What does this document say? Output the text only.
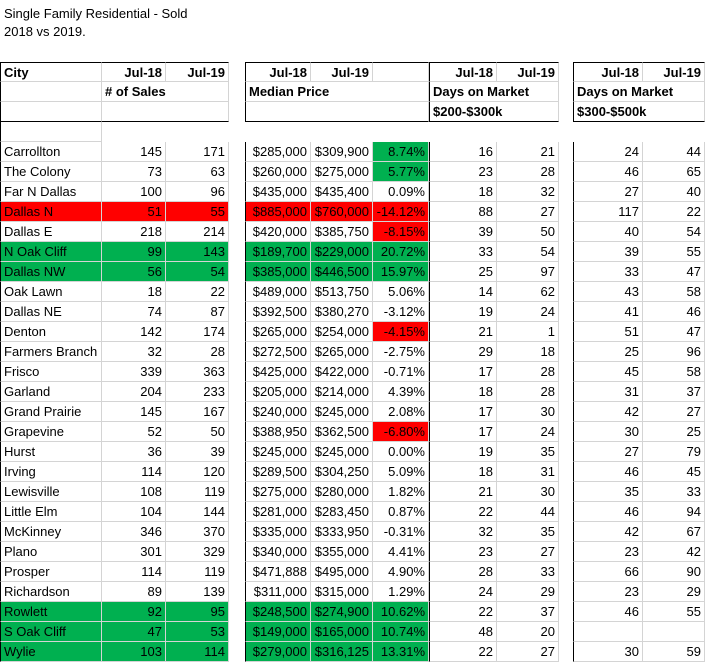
Single Family Residential - Sold
2018 vs 2019.
City	Jul-18	Jul-19	Jul-18	Jul-19	Jul-18	Jul-19	Jul-18	Jul-19
# of Sales	Median Price	Days on Market	Days on Market
$200-$300k	$300-$500k
Carrollton	145	171	$285,000 $309,900	8.74%	16	21	24	44
The Colony	73	63	$260,000 $275,000	5.77%	23	28	46	65
Far N Dallas	100	96	$435,000 $435,400	0.09%	18	32	27	40
Dallas N	51	55	$885,000 $760,000 -14.12%	88	27	117	22
Dallas E	218	214	$420,000 $385,750	-8.15%	39	50	40	54
N Oak Cliff	99	143	$189,700 $229,000 20.72%	33	54	39	55
Dallas NW	56	54	$385,000 $446,500 15.97%	25	97	33	47
Oak Lawn	18	22	$489,000 $513,750	5.06%	14	62	43	58
Dallas NE	74	87	$392,500 $380,270	-3.12%	19	24	41	46
Denton	142	174	$265,000 $254,000	-4.15%	21	1	51	47
Farmers Branch	32	28	$272,500 $265,000	-2.75%	29	18	25	96
Frisco	339	363	$425,000 $422,000	-0.71%	17	28	45	58
Garland	204	233	$205,000 $214,000	4.39%	18	28	31	37
Grand Prairie	145	167	$240,000 $245,000	2.08%	17	30	42	27
Grapevine	52	50	$388,950 $362,500	-6.80%	17	24	30	25
Hurst	36	39	$245,000 $245,000	0.00%	19	35	27	79
Irving	114	120	$289,500 $304,250	5.09%	18	31	46	45
Lewisville	108	119	$275,000 $280,000	1.82%	21	30	35	33
Little Elm	104	144	$281,000 $283,450	0.87%	22	44	46	94
McKinney	346	370	$335,000 $333,950	-0.31%	32	35	42	67
Plano	301	329	$340,000 $355,000	4.41%	23	27	23	42
Prosper	114	119	$471,888 $495,000	4.90%	28	33	66	90
Richardson	89	139	$311,000 $315,000	1.29%	24	29	23	29
Rowlett	92	95	$248,500 $274,900 10.62%	22	37	46	55
S Oak Cliff	47	53	$149,000 $165,000 10.74%	48	20
Wylie	103	114	$279,000 $316,125 13.31%	22	27	30	59
